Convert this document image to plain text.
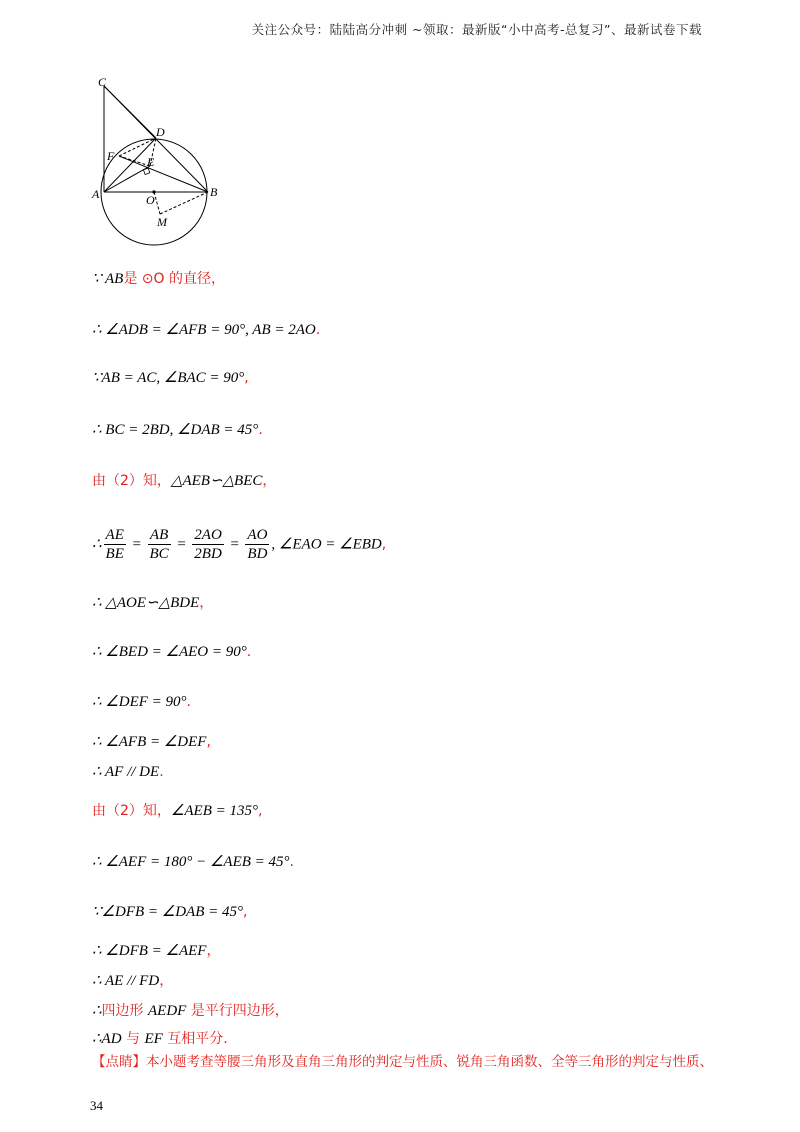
关注公众号：陆陆高分冲刺 ~领取：最新版“小中高考-总复习”、最新试卷下载
C
D
F	E
A	B
O
M
∵ AB是 ⊙O 的直径，
∴ ∠ADB = ∠AFB = 90°, AB = 2AO.
∵AB = AC, ∠BAC = 90°,
∴ BC = 2BD, ∠DAB = 45°.
由（2）知，△AEB∽△BEC，
∴ $\frac{AE}{BE} = \frac{AB}{BC} = \frac{2AO}{2BD} = \frac{AO}{BD}$ , ∠EAO = ∠EBD,
∴ △AOE∽△BDE，
∴ ∠BED = ∠AEO = 90°.
∴ ∠DEF = 90°.
∴ ∠AFB = ∠DEF,
∴ AF // DE.
由（2）知，∠AEB = 135°,
∴ ∠AEF = 180° − ∠AEB = 45°.
∵∠DFB = ∠DAB = 45°,
∴ ∠DFB = ∠AEF，
∴ AE // FD，
∴四边形 AEDF 是平行四边形，
∴AD 与 EF 互相平分.
【点睛】本小题考查等腰三角形及直角三角形的判定与性质、锐角三角函数、全等三角形的判定与性质、
34
